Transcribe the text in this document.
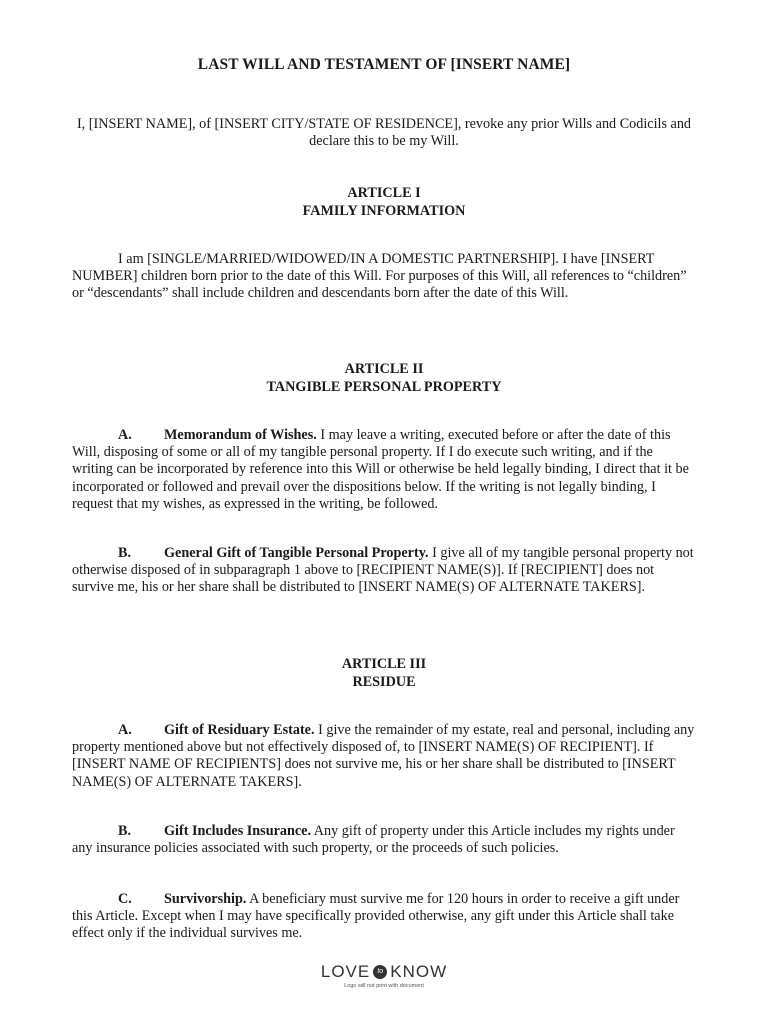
LAST WILL AND TESTAMENT OF [INSERT NAME]
I, [INSERT NAME], of [INSERT CITY/STATE OF RESIDENCE], revoke any prior Wills and Codicils and declare this to be my Will.
ARTICLE I
FAMILY INFORMATION
I am [SINGLE/MARRIED/WIDOWED/IN A DOMESTIC PARTNERSHIP]. I have [INSERT NUMBER] children born prior to the date of this Will. For purposes of this Will, all references to “children” or “descendants” shall include children and descendants born after the date of this Will.
ARTICLE II
TANGIBLE PERSONAL PROPERTY
A. Memorandum of Wishes. I may leave a writing, executed before or after the date of this Will, disposing of some or all of my tangible personal property. If I do execute such writing, and if the writing can be incorporated by reference into this Will or otherwise be held legally binding, I direct that it be incorporated or followed and prevail over the dispositions below. If the writing is not legally binding, I request that my wishes, as expressed in the writing, be followed.
B. General Gift of Tangible Personal Property. I give all of my tangible personal property not otherwise disposed of in subparagraph 1 above to [RECIPIENT NAME(S)]. If [RECIPIENT] does not survive me, his or her share shall be distributed to [INSERT NAME(S) OF ALTERNATE TAKERS].
ARTICLE III
RESIDUE
A. Gift of Residuary Estate. I give the remainder of my estate, real and personal, including any property mentioned above but not effectively disposed of, to [INSERT NAME(S) OF RECIPIENT]. If [INSERT NAME OF RECIPIENTS] does not survive me, his or her share shall be distributed to [INSERT NAME(S) OF ALTERNATE TAKERS].
B. Gift Includes Insurance. Any gift of property under this Article includes my rights under any insurance policies associated with such property, or the proceeds of such policies.
C. Survivorship. A beneficiary must survive me for 120 hours in order to receive a gift under this Article. Except when I may have specifically provided otherwise, any gift under this Article shall take effect only if the individual survives me.
LOVE	to KNOW
Logo will not print with document
